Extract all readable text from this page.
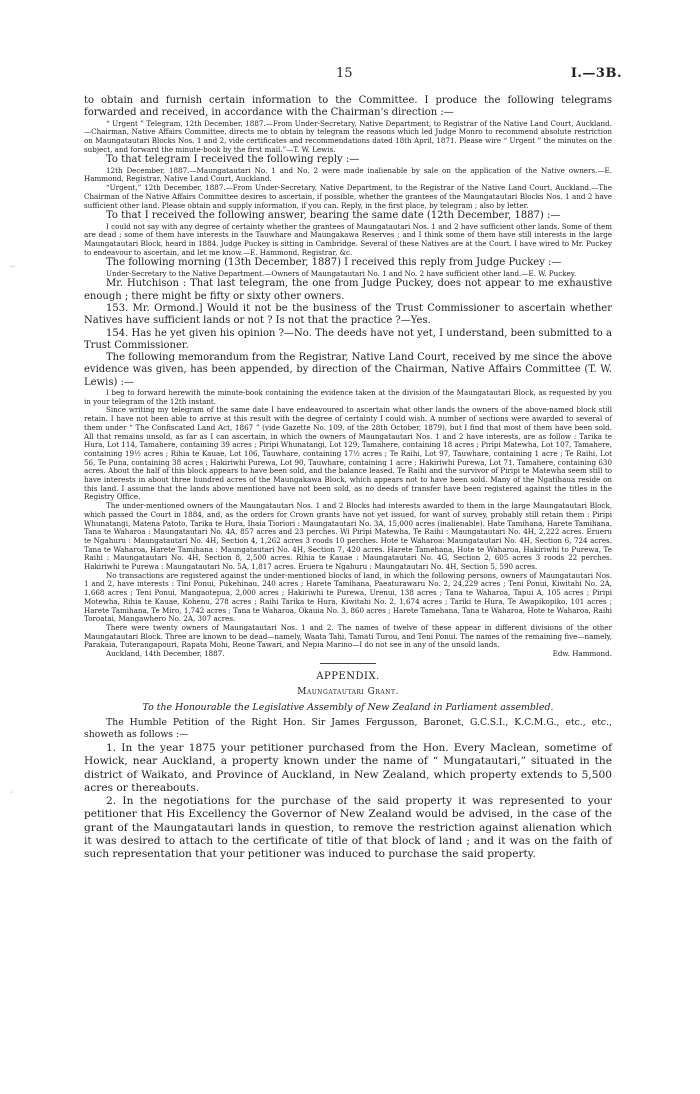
15	I.—3B.
-·
⋅

to obtain and furnish certain information to the Committee. I produce the following telegrams forwarded and received, in accordance with the Chairman's direction :—

“ Urgent ” Telegram, 12th December, 1887.—From Under-Secretary, Native Department, to Registrar of the Native Land Court, Auckland.—Chairman, Native Affairs Committee, directs me to obtain by telegram the reasons which led Judge Monro to recommend absolute restriction on Maungatautari Blocks Nos. 1 and 2, vide certificates and recommendations dated 18th April, 1871. Please wire “ Urgent ” the minutes on the subject, and forward the minute-book by the first mail.”—T. W. Lewis.

To that telegram I received the following reply :—

12th December, 1887.—Maungatautari No. 1 and No. 2 were made inalienable by sale on the application of the Native owners.—E. Hammond, Registrar, Native Land Court, Auckland.

“Urgent,” 12th December, 1887.—From Under-Secretary, Native Department, to the Registrar of the Native Land Court, Auckland.—The Chairman of the Native Affairs Committee desires to ascertain, if possible, whether the grantees of the Maungatautari Blocks Nos. 1 and 2 have sufficient other land. Please obtain and supply information, if you can. Reply, in the first place, by telegram ; also by letter.

To that I received the following answer, bearing the same date (12th December, 1887) :—

I could not say with any degree of certainty whether the grantees of Maungatautari Nos. 1 and 2 have sufficient other lands. Some of them are dead ; some of them have interests in the Tauwhare and Maungakawa Reserves ; and I think some of them have still interests in the large Maungatautari Block, heard in 1884. Judge Puckey is sitting in Cambridge. Several of these Natives are at the Court. I have wired to Mr. Puckey to endeavour to ascertain, and let me know.—E. Hammond, Registrar, &c.

The following morning (13th December, 1887) I received this reply from Judge Puckey :—

Under-Secretary to the Native Department.—Owners of Maungatautari No. 1 and No. 2 have sufficient other land.—E. W. Puckey.

Mr. Hutchison : That last telegram, the one from Judge Puckey, does not appear to me exhaustive enough ; there might be fifty or sixty other owners.

153. Mr. Ormond.] Would it not be the business of the Trust Commissioner to ascertain whether Natives have sufficient lands or not ? Is not that the practice ?—Yes.

154. Has he yet given his opinion ?—No. The deeds have not yet, I understand, been submitted to a Trust Commissioner.

The following memorandum from the Registrar, Native Land Court, received by me since the above evidence was given, has been appended, by direction of the Chairman, Native Affairs Committee (T. W. Lewis) :—

I beg to forward herewith the minute-book containing the evidence taken at the division of the Maungatautari Block, as requested by you in your telegram of the 12th instant.

Since writing my telegram of the same date I have endeavoured to ascertain what other lands the owners of the above-named block still retain. I have not been able to arrive at this result with the degree of certainty I could wish. A number of sections were awarded to several of them under “ The Confiscated Land Act, 1867 ” (vide Gazette No. 109, of the 28th October, 1879), but I find that most of them have been sold. All that remains unsold, as far as I can ascertain, in which the owners of Maungatautari Nos. 1 and 2 have interests, are as follow : Tarika te Hura, Lot 114, Tamahere, containing 39 acres ; Piripi Whunatangi, Lot 129, Tamahere, containing 18 acres ; Piripi Matewha, Lot 107, Tamahere, containing 19½ acres ; Rihia te Kauae, Lot 106, Tauwhare, containing 17½ acres ; Te Raihi, Lot 97, Tauwhare, containing 1 acre ; Te Raihi, Lot 56, Te Puna, containing 38 acres ; Hakiriwhi Purewa, Lot 90, Tauwhare, containing 1 acre ; Hakiriwhi Purewa, Lot 71, Tamahere, containing 630 acres. About the half of this block appears to have been sold, and the balance leased. Te Raihi and the survivor of Piripi te Matewha seem still to have interests in about three hundred acres of the Maungakawa Block, which appears not to have been sold. Many of the Ngatihaua reside on this land. I assume that the lands above mentioned have not been sold, as no deeds of transfer have been registered against the titles in the Registry Office.

The under-mentioned owners of the Maungatautari Nos. 1 and 2 Blocks had interests awarded to them in the large Maungatautari Block, which passed the Court in 1884, and, as the orders for Crown grants have not yet issued, for want of survey, probably still retain them : Piripi Whunatangi, Matena Patoto, Tarika te Hura, Ihaia Tioriori : Maungatautari No. 3A, 15,000 acres (inalienable). Hate Tamihana, Harete Tamihana, Tana te Waharoa : Maungatautari No. 4A, 857 acres and 23 perches. Wi Piripi Matewha, Te Raihi : Maungatautari No. 4H, 2,222 acres. Erueru te Ngahuru : Maungatautari No. 4H, Section 4, 1,262 acres 3 roods 10 perches. Hote te Waharoa: Maungatautari No. 4H, Section 6, 724 acres. Tana te Waharoa, Harete Tamihana : Maungatautari No. 4H, Section 7, 420 acres. Harete Tamehana, Hote te Waharoa, Hakiriwhi to Purewa, Te Raihi : Maungatautari No. 4H, Section 8, 2,500 acres. Rihia te Kauae : Maungatautari No. 4G, Section 2, 605 acres 3 roods 22 perches. Hakiriwhi te Purewa : Maungatautari No. 5A, 1,817 acres. Eruera te Ngahuru : Maungatautari No. 4H, Section 5, 590 acres.

No transactions are registered against the under-mentioned blocks of land, in which the following persons, owners of Maungatautari Nos. 1 and 2, have interests : Tini Ponui, Pukehinau, 240 acres ; Harete Tamihana, Paeaturawaru No. 2, 24,229 acres ; Teni Ponui, Kiwitahi No. 2A, 1,668 acres ; Teni Ponui, Mangaotepua, 2,000 acres ; Hakiriwhi te Purewa, Urenui, 138 acres ; Tana te Waharoa, Tapui A, 105 acres ; Piripi Motewha, Rihia te Kauae, Kohenu, 278 acres ; Raihi Tarika te Hura, Kiwitahi No. 2, 1,674 acres ; Tariki te Hura, Te Awapikopiko, 101 acres ; Harete Tamihana, Te Miro, 1,742 acres ; Tana te Waharoa, Okauia No. 3, 860 acres ; Harete Tamehana, Tana te Waharoa, Hote te Waharoa, Raihi Toroatai, Mangawhero No. 2A, 307 acres.

There were twenty owners of Maungatautari Nos. 1 and 2. The names of twelve of these appear in different divisions of the other Maungatautari Block. Three are known to be dead—namely, Waata Tahi, Tamati Turou, and Teni Ponui. The names of the remaining five—namely, Parakaia, Tuterangapouri, Rapata Mohi, Reone Tawari, and Nepia Marino—I do not see in any of the unsold lands.

Auckland, 14th December, 1887.	Edw. Hammond.

APPENDIX.

Maungatautari Grant.

To the Honourable the Legislative Assembly of New Zealand in Parliament assembled.

The Humble Petition of the Right Hon. Sir James Fergusson, Baronet, G.C.S.I., K.C.M.G., etc., etc., showeth as follows :—

1. In the year 1875 your petitioner purchased from the Hon. Every Maclean, sometime of Howick, near Auckland, a property known under the name of “ Mungatautari,” situated in the district of Waikato, and Province of Auckland, in New Zealand, which property extends to 5,500 acres or thereabouts.

2. In the negotiations for the purchase of the said property it was represented to your petitioner that His Excellency the Governor of New Zealand would be advised, in the case of the grant of the Maungatautari lands in question, to remove the restriction against alienation which it was desired to attach to the certificate of title of that block of land ; and it was on the faith of such representation that your petitioner was induced to purchase the said property.
